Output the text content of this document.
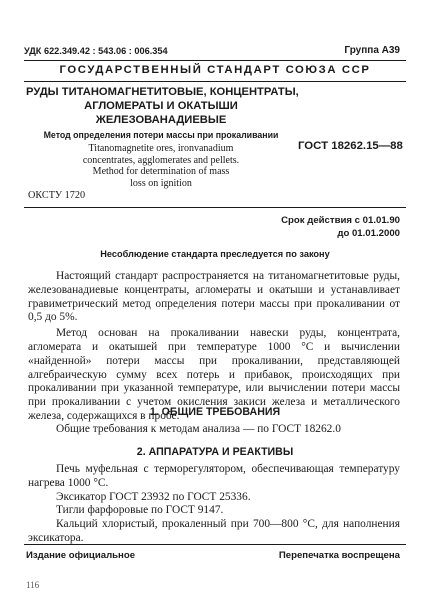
УДК 622.349.42 : 543.06 : 006.354	Группа А39
ГОСУДАРСТВЕННЫЙ СТАНДАРТ СОЮЗА ССР
РУДЫ ТИТАНОМАГНЕТИТОВЫЕ, КОНЦЕНТРАТЫ,
АГЛОМЕРАТЫ И ОКАТЫШИ
ЖЕЛЕЗОВАНАДИЕВЫЕ
Метод определения потери массы при прокаливании
Titanomagnetite ores, ironvanadium
concentrates, agglomerates and pellets.
Method for determination of mass
loss on ignition
ГОСТ 18262.15—88
ОКСТУ 1720
Срок действия с 01.01.90
до 01.01.2000
Несоблюдение стандарта преследуется по закону

Настоящий стандарт распространяется на титаномагнетитовые руды, железованадиевые концентраты, агломераты и окатыши и устанавливает гравиметрический метод определения потери массы при прокаливании от 0,5 до 5%.

Метод основан на прокаливании навески руды, концентрата, агломерата и окатышей при температуре 1000 °С и вычислении «найденной» потери массы при прокаливании, представляющей алгебраическую сумму всех потерь и прибавок, происходящих при прокаливании при указанной температуре, или вычислении потери массы при прокаливании с учетом окисления закиси железа и металлического железа, содержащихся в пробе.

1. ОБЩИЕ ТРЕБОВАНИЯ

Общие требования к методам анализа — по ГОСТ 18262.0

2. АППАРАТУРА И РЕАКТИВЫ

Печь муфельная с терморегулятором, обеспечивающая температуру нагрева 1000 °С.

Эксикатор ГОСТ 23932 по ГОСТ 25336.

Тигли фарфоровые по ГОСТ 9147.

Кальций хлористый, прокаленный при 700—800 °С, для наполнения эксикатора.

Издание официальное	Перепечатка воспрещена
116
